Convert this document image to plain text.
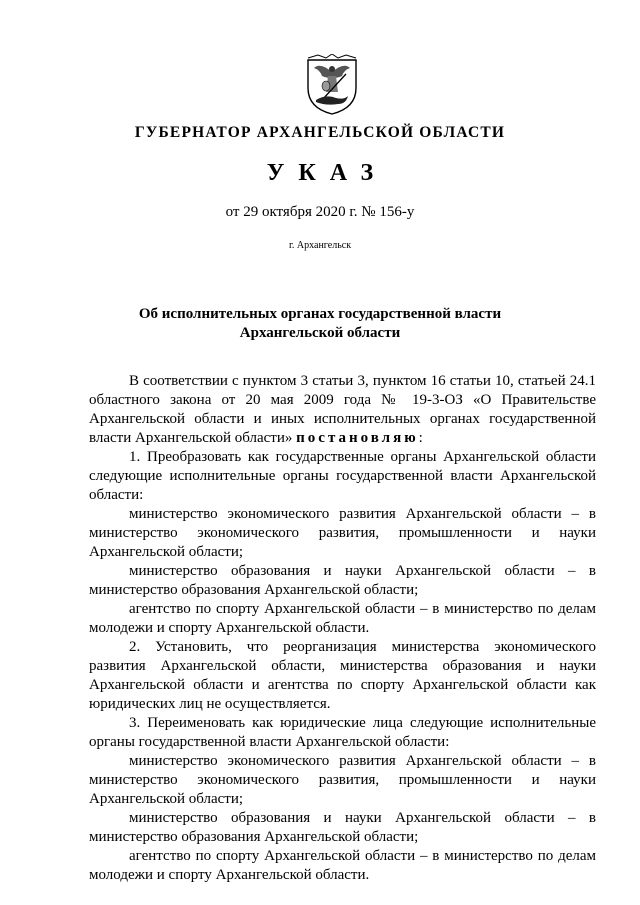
ГУБЕРНАТОР АРХАНГЕЛЬСКОЙ ОБЛАСТИ
УКАЗ
от 29 октября 2020 г. № 156-у
г. Архангельск
Об исполнительных органах государственной власти
Архангельской области

В соответствии с пунктом 3 статьи 3, пунктом 16 статьи 10, статьей 24.1 областного закона от 20 мая 2009 года № 19-3-ОЗ «О Правительстве Архангельской области и иных исполнительных органах государственной власти Архангельской области» постановляю:

1. Преобразовать как государственные органы Архангельской области следующие исполнительные органы государственной власти Архангельской области:

министерство экономического развития Архангельской области – в министерство экономического развития, промышленности и науки Архангельской области;

министерство образования и науки Архангельской области – в министерство образования Архангельской области;

агентство по спорту Архангельской области – в министерство по делам молодежи и спорту Архангельской области.

2. Установить, что реорганизация министерства экономического развития Архангельской области, министерства образования и науки Архангельской области и агентства по спорту Архангельской области как юридических лиц не осуществляется.

3. Переименовать как юридические лица следующие исполнительные органы государственной власти Архангельской области:

министерство экономического развития Архангельской области – в министерство экономического развития, промышленности и науки Архангельской области;

министерство образования и науки Архангельской области – в министерство образования Архангельской области;

агентство по спорту Архангельской области – в министерство по делам молодежи и спорту Архангельской области.
